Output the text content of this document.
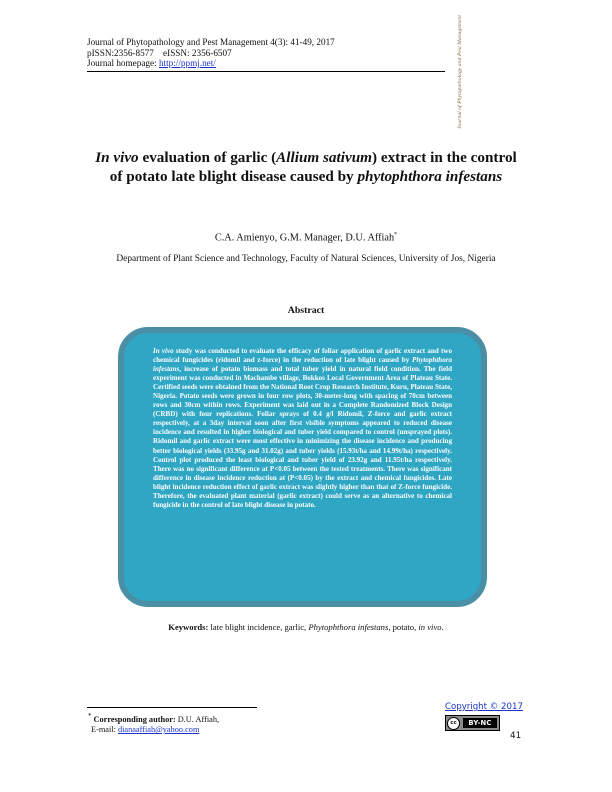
Journal of Phytopathology and Pest Management 4(3): 41-49, 2017
pISSN:2356-8577    eISSN: 2356-6507
Journal homepage: http://ppmj.net/	Journal of Phytopathology and Pest Management
In vivo evaluation of garlic (Allium sativum) extract in the control of potato late blight disease caused by phytophthora infestans
C.A. Amienyo, G.M. Manager, D.U. Affiah*
Department of Plant Science and Technology, Faculty of Natural Sciences, University of Jos, Nigeria
Abstract

In vivo study was conducted to evaluate the efficacy of foliar application of garlic extract and two chemical fungicides (ridomil and z-force) in the reduction of late blight caused by Phytophthora infestans, increase of potato biomass and total tuber yield in natural field condition. The field experiment was conducted in Machambe village, Bokkos Local Government Area of Plateau State. Certified seeds were obtained from the National Root Crop Research Institute, Kuru, Plateau State, Nigeria. Potato seeds were grown in four row plots, 30-meter-long with spacing of 70cm between rows and 30cm within rows. Experiment was laid out in a Complete Randomized Block Design (CRBD) with four replications. Foliar sprays of 0.4 g/l Ridomil, Z-force and garlic extract respectively, at a 3day interval soon after first visible symptoms appeared to reduced disease incidence and resulted in higher biological and tuber yield compared to control (unsprayed plots). Ridomil and garlic extract were most effective in minimizing the disease incidence and producing better biological yields (33.95g and 31.02g) and tuber yields (15.93t/ha and 14.99t/ha) respectively. Control plot produced the least biological and tuber yield of 23.92g and 11.95t/ha respectively. There was no significant difference at P<0.05 between the tested treatments. There was significant difference in disease incidence reduction at (P<0.05) by the extract and chemical fungicides. Late blight incidence reduction effect of garlic extract was slightly higher than that of Z-force fungicide. Therefore, the evaluated plant material (garlic extract) could serve as an alternative to chemical fungicide in the control of late blight disease in potato.

Keywords: late blight incidence, garlic, Phytophthora infestans, potato, in vivo.
* Corresponding author: D.U. Affiah,
E-mail: dianaaffiah@yahoo.com
Copyright © 2017
cc	BY-NC
41
